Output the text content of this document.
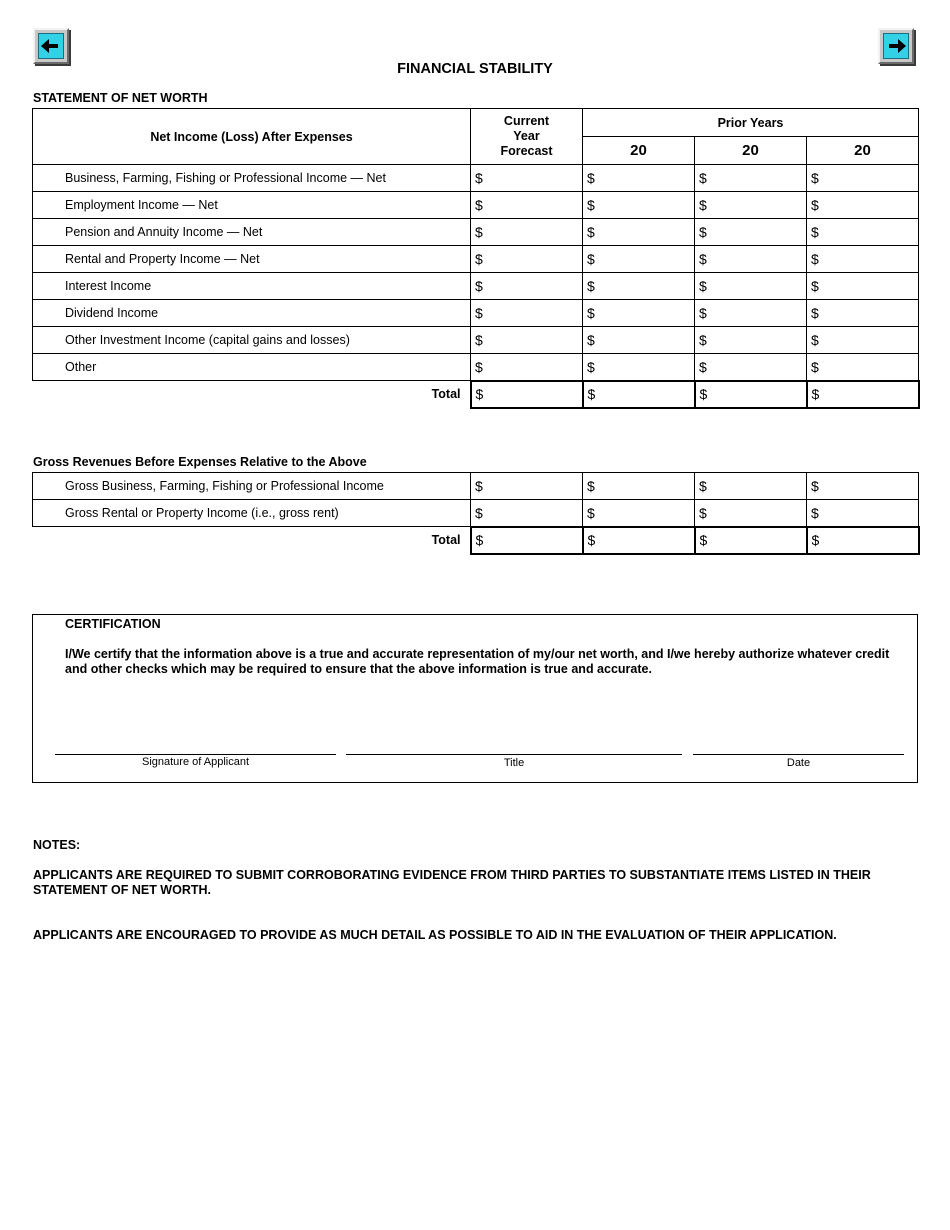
FINANCIAL STABILITY
STATEMENT OF NET WORTH
Net Income (Loss) After Expenses	Current
Year
Forecast	Prior Years		
		20	20	20
Business, Farming, Fishing or Professional Income — Net	$	$	$	$
Employment Income — Net	$	$	$	$
Pension and Annuity Income — Net	$	$	$	$
Rental and Property Income — Net	$	$	$	$
Interest Income	$	$	$	$
Dividend Income	$	$	$	$
Other Investment Income (capital gains and losses)	$	$	$	$
Other	$	$	$	$
Total	$	$	$	$
Gross Revenues Before Expenses Relative to the Above
Gross Business, Farming, Fishing or Professional Income	$	$	$	$
Gross Rental or Property Income (i.e., gross rent)	$	$	$	$
Total	$	$	$	$
CERTIFICATION
I/We certify that the information above is a true and accurate representation of my/our net worth, and I/we hereby authorize whatever credit and other checks which may be required to ensure that the above information is true and accurate.
Signature of Applicant	Title	Date
NOTES:
APPLICANTS ARE REQUIRED TO SUBMIT CORROBORATING EVIDENCE FROM THIRD PARTIES TO SUBSTANTIATE ITEMS LISTED IN THEIR STATEMENT OF NET WORTH.
APPLICANTS ARE ENCOURAGED TO PROVIDE AS MUCH DETAIL AS POSSIBLE TO AID IN THE EVALUATION OF THEIR APPLICATION.
